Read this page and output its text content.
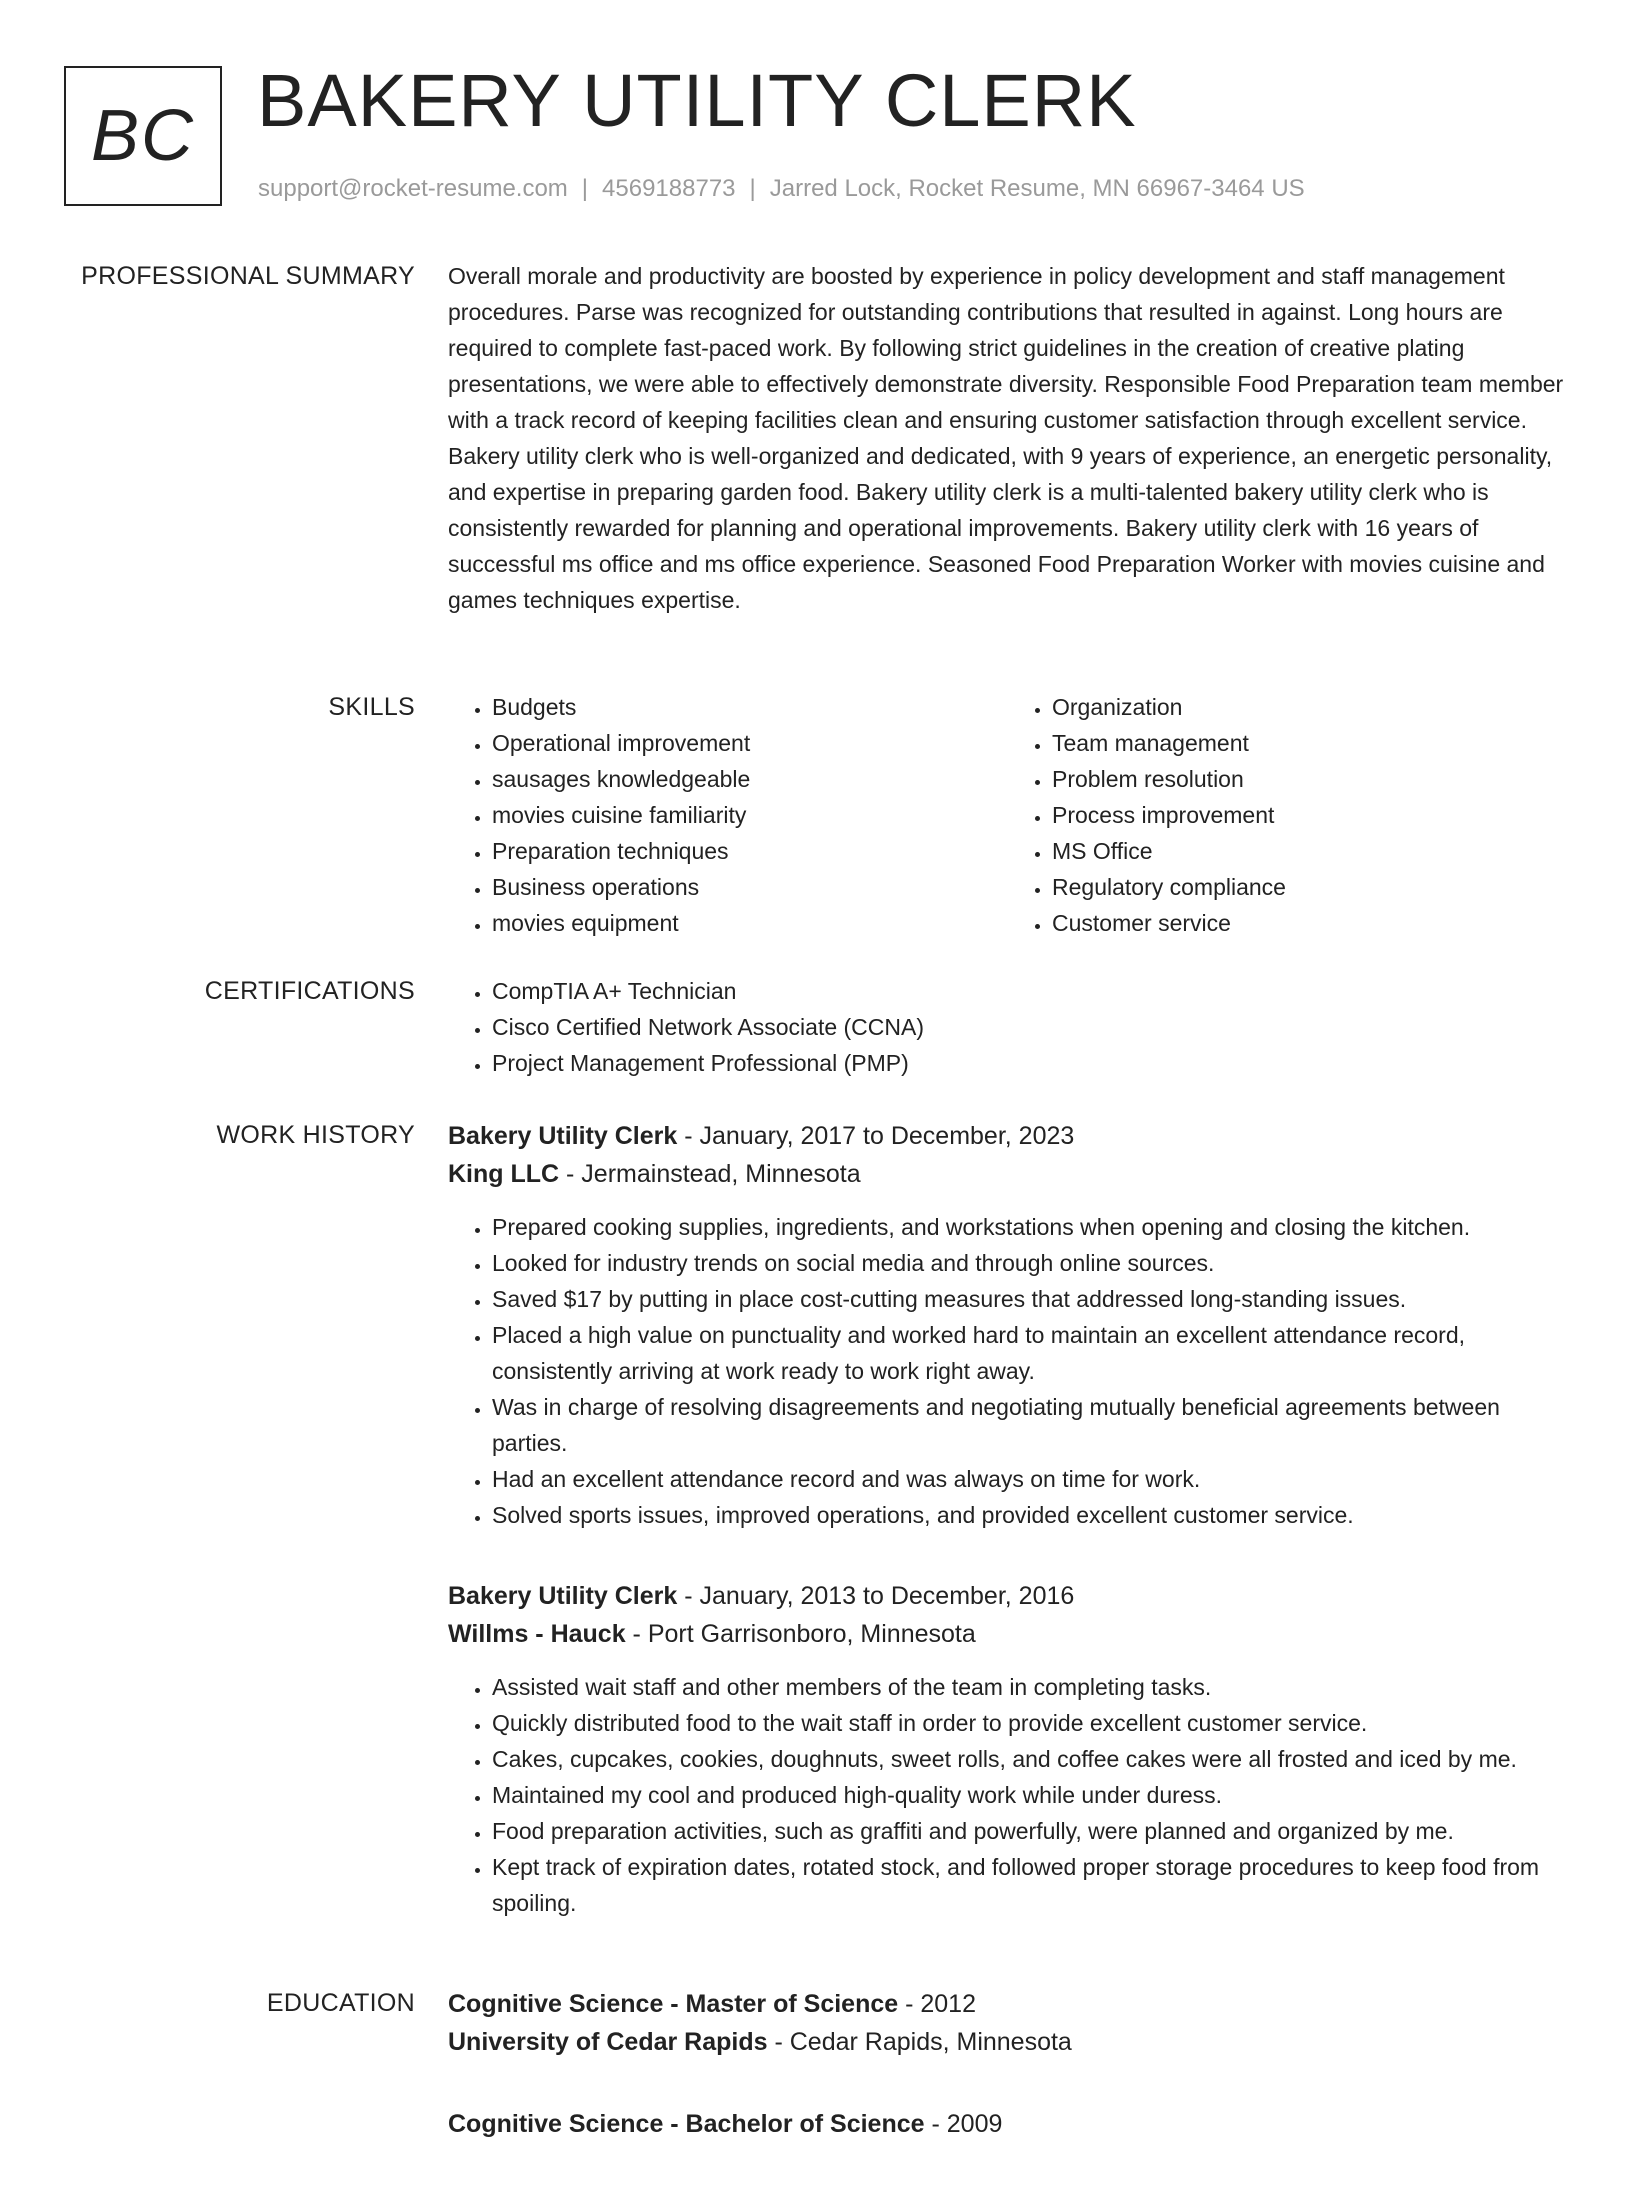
BC BAKERY UTILITY CLERK
support@rocket-resume.com | 4569188773 | Jarred Lock, Rocket Resume, MN 66967-3464 US
PROFESSIONAL SUMMARY Overall morale and productivity are boosted by experience in policy development and staff management procedures. Parse was recognized for outstanding contributions that resulted in against. Long hours are required to complete fast-paced work. By following strict guidelines in the creation of creative plating presentations, we were able to effectively demonstrate diversity. Responsible Food Preparation team member with a track record of keeping facilities clean and ensuring customer satisfaction through excellent service. Bakery utility clerk who is well-organized and dedicated, with 9 years of experience, an energetic personality, and expertise in preparing garden food. Bakery utility clerk is a multi-talented bakery utility clerk who is consistently rewarded for planning and operational improvements. Bakery utility clerk with 16 years of successful ms office and ms office experience. Seasoned Food Preparation Worker with movies cuisine and games techniques expertise.

SKILLS	• Budgets
• Operational improvement
• sausages knowledgeable
• movies cuisine familiarity
• Preparation techniques
• Business operations
• movies equipment
• Organization
• Team management
• Problem resolution
• Process improvement
• MS Office
• Regulatory compliance
• Customer service
CERTIFICATIONS	• CompTIA A+ Technician
• Cisco Certified Network Associate (CCNA)
• Project Management Professional (PMP)
WORK HISTORY Bakery Utility Clerk - January, 2017 to December, 2023
King LLC - Jermainstead, Minnesota
• Prepared cooking supplies, ingredients, and workstations when opening and closing the kitchen.
• Looked for industry trends on social media and through online sources.
• Saved $17 by putting in place cost-cutting measures that addressed long-standing issues.
• Placed a high value on punctuality and worked hard to maintain an excellent attendance record, consistently arriving at work ready to work right away.
• Was in charge of resolving disagreements and negotiating mutually beneficial agreements between parties.
• Had an excellent attendance record and was always on time for work.
• Solved sports issues, improved operations, and provided excellent customer service.
Bakery Utility Clerk - January, 2013 to December, 2016
Willms - Hauck - Port Garrisonboro, Minnesota
• Assisted wait staff and other members of the team in completing tasks.
• Quickly distributed food to the wait staff in order to provide excellent customer service.
• Cakes, cupcakes, cookies, doughnuts, sweet rolls, and coffee cakes were all frosted and iced by me.
• Maintained my cool and produced high-quality work while under duress.
• Food preparation activities, such as graffiti and powerfully, were planned and organized by me.
• Kept track of expiration dates, rotated stock, and followed proper storage procedures to keep food from spoiling.
EDUCATION Cognitive Science - Master of Science - 2012
University of Cedar Rapids - Cedar Rapids, Minnesota
Cognitive Science - Bachelor of Science - 2009
